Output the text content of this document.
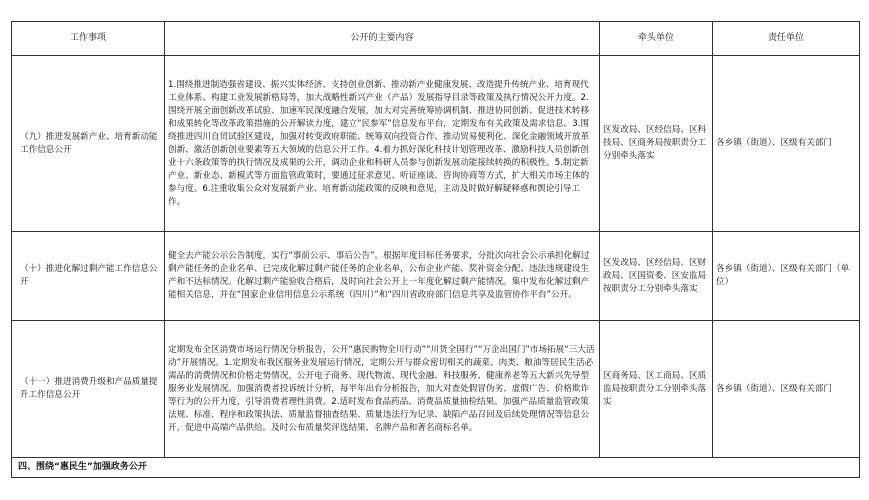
工作事项	公开的主要内容	牵头单位	责任单位
（九）推进发展新产业、培育新动能工作信息公开	1.围绕推进制造强省建设、振兴实体经济、支持创业创新、推动新产业健康发展、改造提升传统产业、培育现代工业体系、构建工业发展新格局等，加大战略性新兴产业（产品）发展指导目录等政策及执行情况公开力度。2.围绕开展全面创新改革试验、加速军民深度融合发展，加大对完善统筹协调机制、推进协同创新、促进技术转移和成果转化等改革政策措施的公开解读力度，建立“民参军”信息发布平台，定期发布有关政策及需求信息。3.围绕推进四川自贸试验区建设，加强对转变政府职能、统筹双向投资合作、推动贸易便利化、深化金融领域开放革创新、激活创新创业要素等五大领域的信息公开工作。4.着力抓好深化科技计划管理改革、激励科技人员创新创业十六条政策等的执行情况及成果的公开，调动企业和科研人员参与创新发展动能接续转换的积极性。5.制定新产业、新业态、新模式等方面监管政策时，要通过征求意见、听证座谈、咨询协商等方式，扩大相关市场主体的参与度。6.注重收集公众对发展新产业、培育新动能政策的反映和意见，主动及时做好解疑释惑和舆论引导工作。	区发改局、区经信局、区科技局、区商务局按职责分工分别牵头落实	各乡镇（街道）、区级有关部门
（十）推进化解过剩产能工作信息公开	健全去产能公示公告制度，实行“事前公示、事后公告”。根据年度目标任务要求，分批次向社会公示承担化解过剩产能任务的企业名单、已完成化解过剩产能任务的企业名单，公布企业产能、奖补资金分配、违法违规建设生产和不达标情况。化解过剩产能验收合格后，及时向社会公开上一年度化解过剩产能情况。集中发布化解过剩产能相关信息，并在“国家企业信用信息公示系统（四川）”和“四川省政府部门信息共享及监管协作平台”公开。	区发改局、区经信局、区财政局、区国资委、区安监局按职责分工分别牵头落实	各乡镇（街道）、区级有关部门（单位）
（十一）推进消费升级和产品质量提升工作信息公开	定期发布全区消费市场运行情况分析报告，公开“惠民购物全川行动”“川货全国行”“万企出国门”市场拓展“三大活动”开展情况。1.定期发布我区服务业发展运行情况，定期公开与群众密切相关的蔬菜、肉类、粮油等居民生活必需品的消费情况和价格走势情况，公开电子商务、现代物流、现代金融、科技服务、健康养老等五大新兴先导型服务业发展情况。加强消费者投诉统计分析，每半年出台分析报告，加大对查处假冒伪劣、虚假广告、价格欺诈等行为的公开力度，引导消费者理性消费。2.适时发布食品药品、消费品质量抽检结果。加强产品质量监管政策法规、标准、程序和政策执法、质量监督抽查结果、质量违法行为记录、缺陷产品召回及后续处理情况等信息公开，促进中高端产品供给。及时公布质量奖评选结果、名牌产品和著名商标名单。	区商务局、区工商局、区质监局按职责分工分别牵头落实	各乡镇（街道）、区级有关部门
四、围绕“惠民生”加强政务公开			
